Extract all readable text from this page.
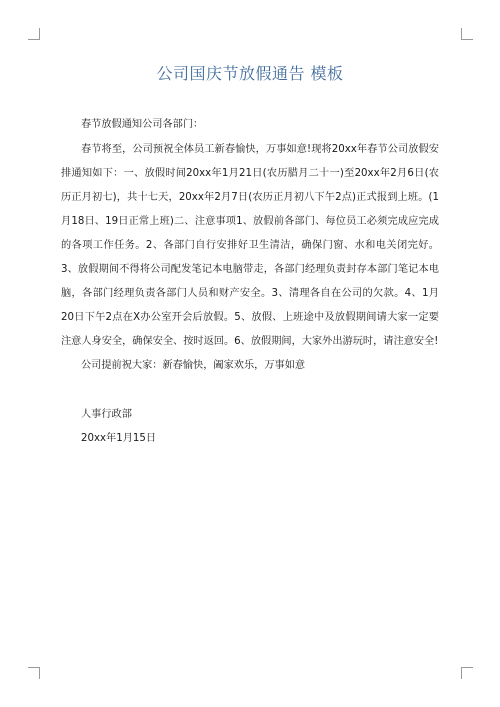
公司国庆节放假通告 模板

春节放假通知公司各部门：

春节将至，公司预祝全体员工新春愉快，万事如意!现将20xx年春节公司放假安排通知如下：一、放假时间20xx年1月21日(农历腊月二十一)至20xx年2月6日(农历正月初七)，共十七天，20xx年2月7日(农历正月初八下午2点)正式报到上班。(1月18日、19日正常上班)二、注意事项1、放假前各部门、每位员工必须完成应完成的各项工作任务。2、各部门自行安排好卫生清洁，确保门窗、水和电关闭完好。3、放假期间不得将公司配发笔记本电脑带走，各部门经理负责封存本部门笔记本电脑，各部门经理负责各部门人员和财产安全。3、清理各自在公司的欠款。4、1月20日下午2点在X办公室开会后放假。5、放假、上班途中及放假期间请大家一定要注意人身安全，确保安全、按时返回。6、放假期间，大家外出游玩时，请注意安全!

公司提前祝大家：新春愉快，阖家欢乐，万事如意

人事行政部
20xx年1月15日
